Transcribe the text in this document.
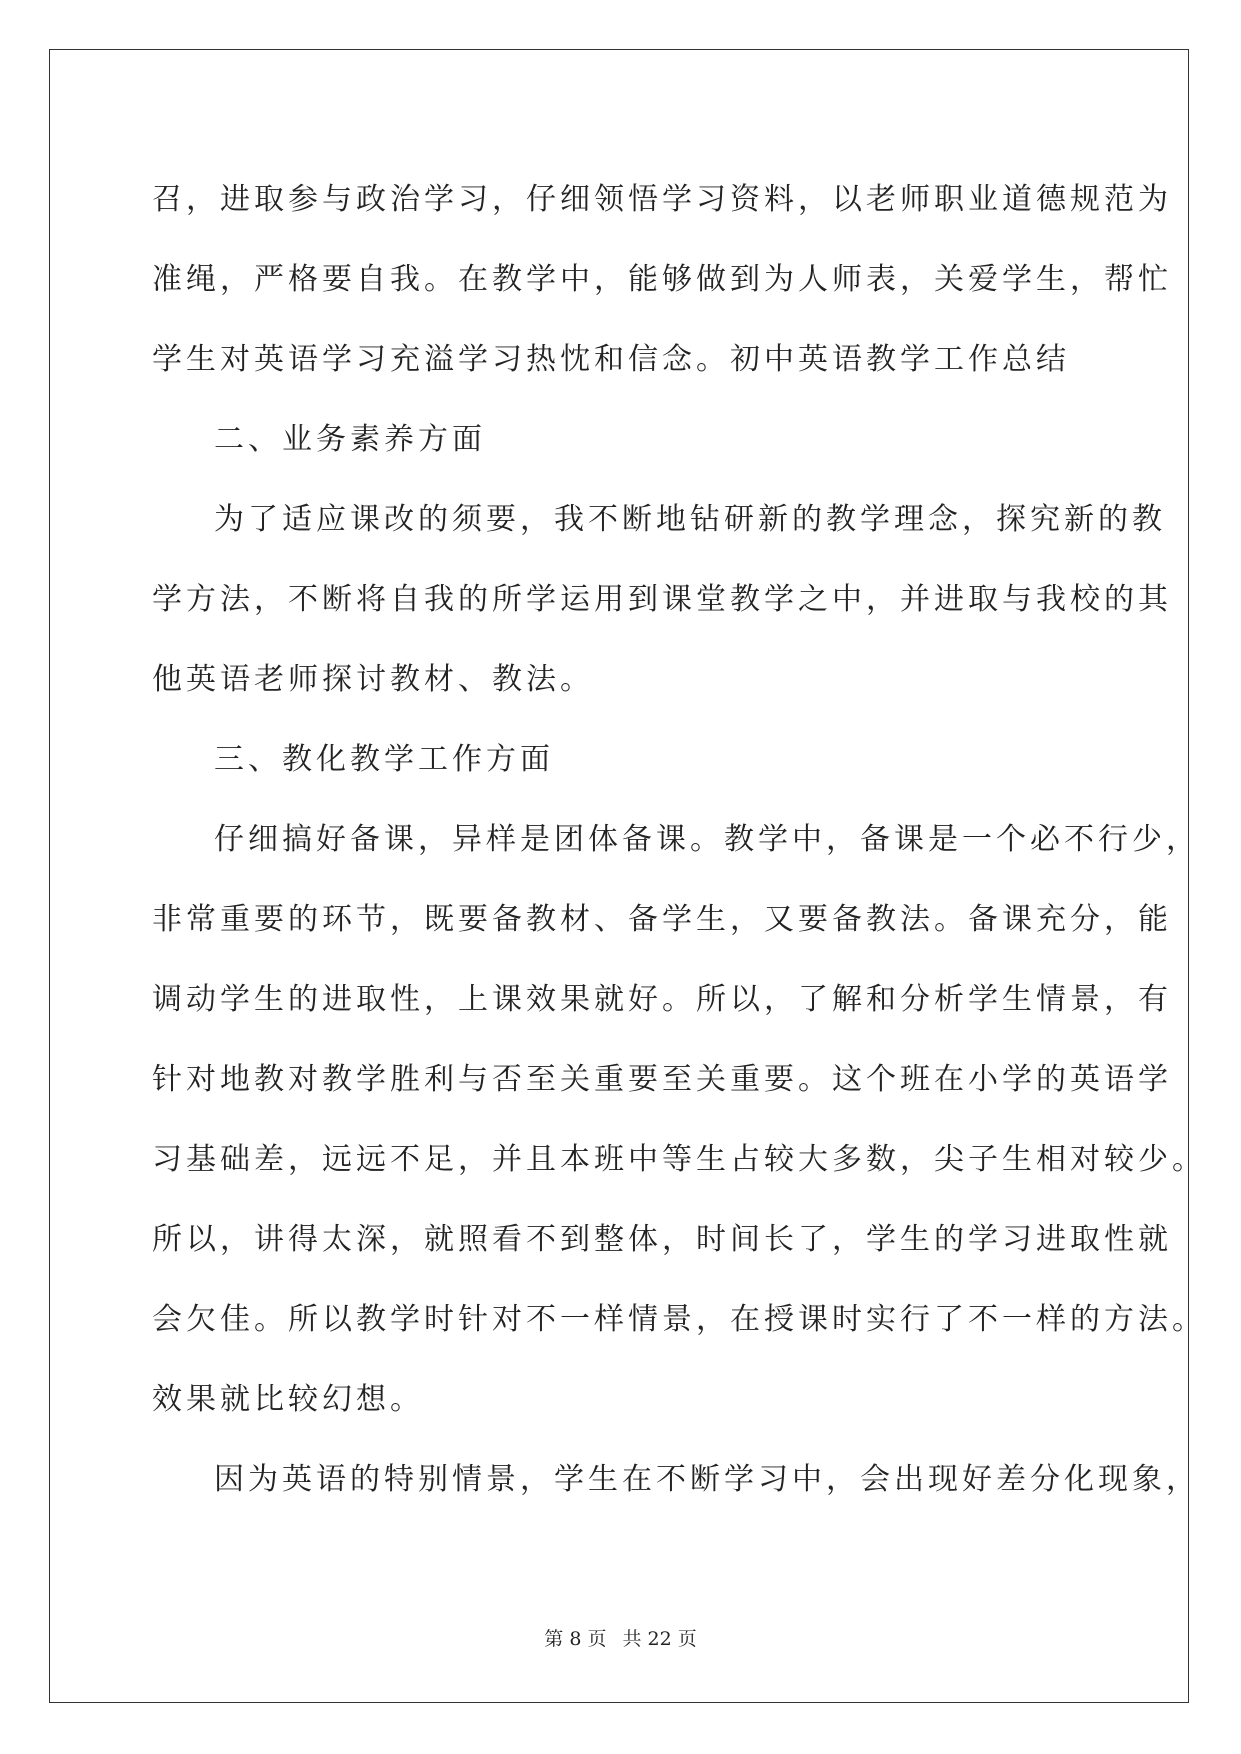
召，进取参与政治学习，仔细领悟学习资料，以老师职业道德规范为
准绳，严格要自我。在教学中，能够做到为人师表，关爱学生，帮忙
学生对英语学习充溢学习热忱和信念。初中英语教学工作总结
二、业务素养方面
为了适应课改的须要，我不断地钻研新的教学理念，探究新的教
学方法，不断将自我的所学运用到课堂教学之中，并进取与我校的其
他英语老师探讨教材、教法。
三、教化教学工作方面
仔细搞好备课，异样是团体备课。教学中，备课是一个必不行少，
非常重要的环节，既要备教材、备学生，又要备教法。备课充分，能
调动学生的进取性，上课效果就好。所以，了解和分析学生情景，有
针对地教对教学胜利与否至关重要至关重要。这个班在小学的英语学
习基础差，远远不足，并且本班中等生占较大多数，尖子生相对较少。
所以，讲得太深，就照看不到整体，时间长了，学生的学习进取性就
会欠佳。所以教学时针对不一样情景，在授课时实行了不一样的方法。
效果就比较幻想。
因为英语的特别情景，学生在不断学习中，会出现好差分化现象，
第 8 页 共 22 页
